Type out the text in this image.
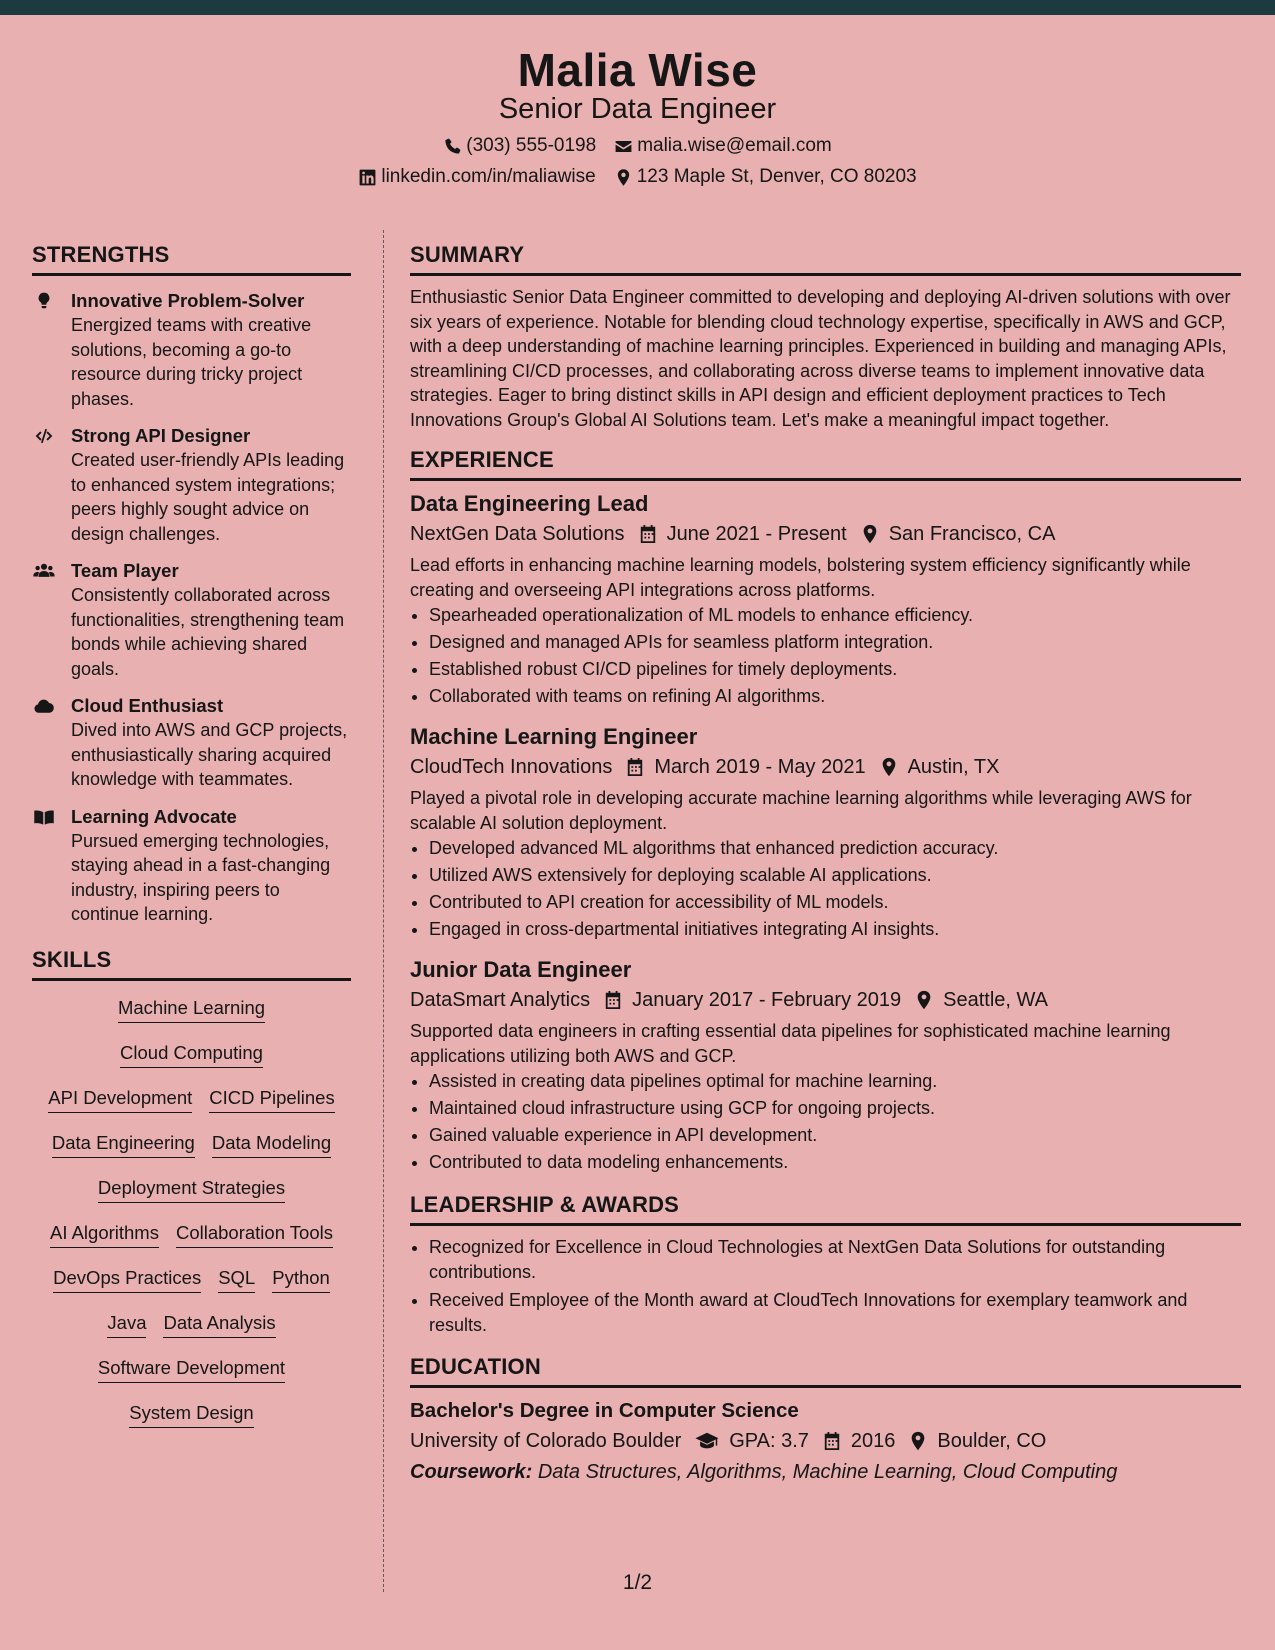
Malia Wise
Senior Data Engineer
(303) 555-0198 malia.wise@email.com
linkedin.com/in/maliawise 123 Maple St, Denver, CO 80203
STRENGTHS
Innovative Problem-Solver
Energized teams with creative solutions, becoming a go-to resource during tricky project phases.
Strong API Designer
Created user-friendly APIs leading to enhanced system integrations; peers highly sought advice on design challenges.
Team Player
Consistently collaborated across functionalities, strengthening team bonds while achieving shared goals.
Cloud Enthusiast
Dived into AWS and GCP projects, enthusiastically sharing acquired knowledge with teammates.
Learning Advocate
Pursued emerging technologies, staying ahead in a fast-changing industry, inspiring peers to continue learning.
SKILLS
Machine Learning
Cloud Computing
API Development CICD Pipelines
Data Engineering Data Modeling
Deployment Strategies
AI Algorithms Collaboration Tools
DevOps Practices SQL Python
Java Data Analysis
Software Development
System Design
SUMMARY
Enthusiastic Senior Data Engineer committed to developing and deploying AI-driven solutions with over six years of experience. Notable for blending cloud technology expertise, specifically in AWS and GCP, with a deep understanding of machine learning principles. Experienced in building and managing APIs, streamlining CI/CD processes, and collaborating across diverse teams to implement innovative data strategies. Eager to bring distinct skills in API design and efficient deployment practices to Tech Innovations Group's Global AI Solutions team. Let's make a meaningful impact together.
EXPERIENCE
Data Engineering Lead
NextGen Data Solutions June 2021 - Present San Francisco, CA
Lead efforts in enhancing machine learning models, bolstering system efficiency significantly while creating and overseeing API integrations across platforms.
• Spearheaded operationalization of ML models to enhance efficiency.
• Designed and managed APIs for seamless platform integration.
• Established robust CI/CD pipelines for timely deployments.
• Collaborated with teams on refining AI algorithms.
Machine Learning Engineer
CloudTech Innovations March 2019 - May 2021 Austin, TX
Played a pivotal role in developing accurate machine learning algorithms while leveraging AWS for scalable AI solution deployment.
• Developed advanced ML algorithms that enhanced prediction accuracy.
• Utilized AWS extensively for deploying scalable AI applications.
• Contributed to API creation for accessibility of ML models.
• Engaged in cross-departmental initiatives integrating AI insights.
Junior Data Engineer
DataSmart Analytics January 2017 - February 2019 Seattle, WA
Supported data engineers in crafting essential data pipelines for sophisticated machine learning applications utilizing both AWS and GCP.
• Assisted in creating data pipelines optimal for machine learning.
• Maintained cloud infrastructure using GCP for ongoing projects.
• Gained valuable experience in API development.
• Contributed to data modeling enhancements.
LEADERSHIP & AWARDS
• Recognized for Excellence in Cloud Technologies at NextGen Data Solutions for outstanding contributions.
• Received Employee of the Month award at CloudTech Innovations for exemplary teamwork and results.
EDUCATION
Bachelor's Degree in Computer Science
University of Colorado Boulder GPA: 3.7 2016 Boulder, CO
Coursework: Data Structures, Algorithms, Machine Learning, Cloud Computing
1/2
